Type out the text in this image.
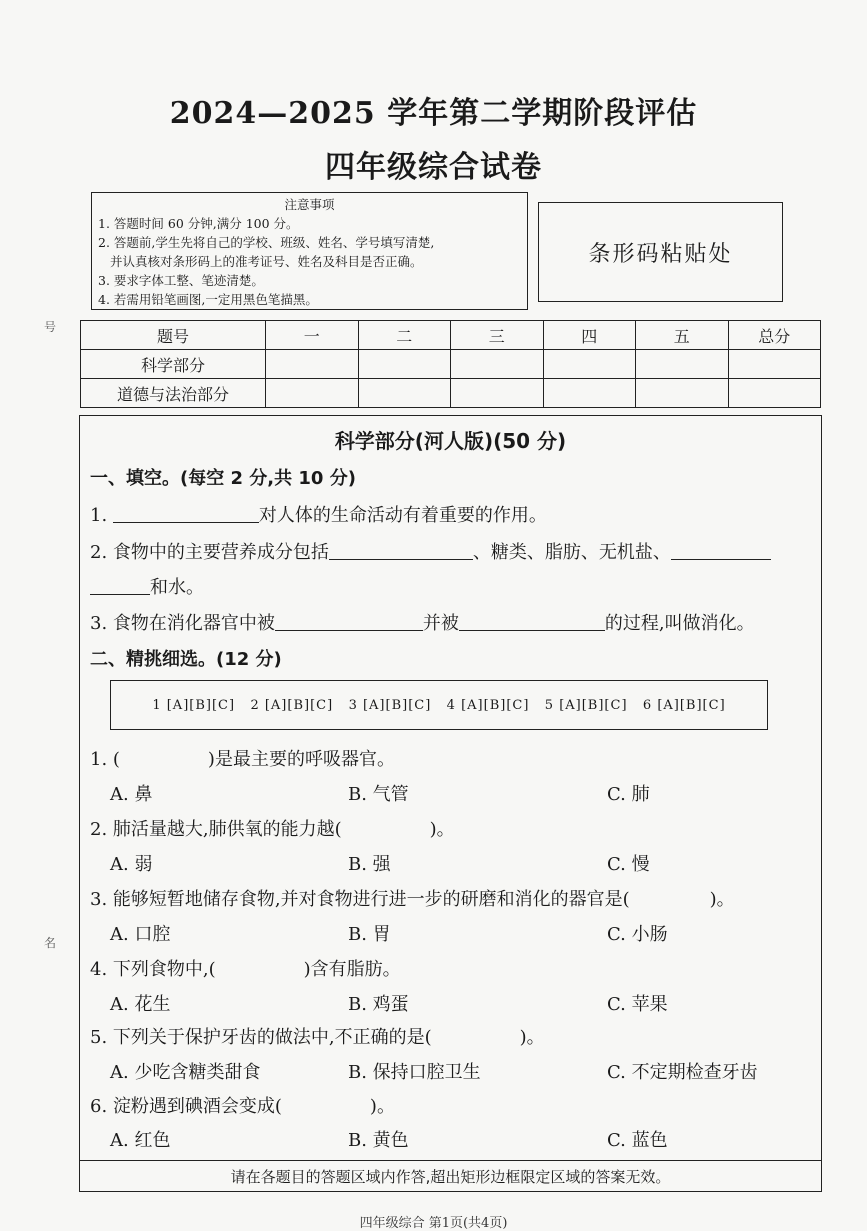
2024—2025 学年第二学期阶段评估
四年级综合试卷
注意事项
1. 答题时间 60 分钟,满分 100 分。
2. 答题前,学生先将自己的学校、班级、姓名、学号填写清楚,
并认真核对条形码上的准考证号、姓名及科目是否正确。
3. 要求字体工整、笔迹清楚。
4. 若需用铅笔画图,一定用黑色笔描黑。
条形码粘贴处
号
名
题号	一	二	三	四	五	总分
科学部分						
道德与法治部分						
科学部分(河人版)(50 分)
一、填空。(每空 2 分,共 10 分)
1.	对人体的生命活动有着重要的作用。
2. 食物中的主要营养成分包括	、糖类、脂肪、无机盐、
和水。
3. 食物在消化器官中被	并被	的过程,叫做消化。
二、精挑细选。(12 分)
1 [A][B][C]   2 [A][B][C]   3 [A][B][C]   4 [A][B][C]   5 [A][B][C]   6 [A][B][C]
1. (	)是最主要的呼吸器官。
A. 鼻	B. 气管	C. 肺
2. 肺活量越大,肺供氧的能力越(	)。
A. 弱	B. 强	C. 慢
3. 能够短暂地储存食物,并对食物进行进一步的研磨和消化的器官是(	)。
A. 口腔	B. 胃	C. 小肠
4. 下列食物中,(	)含有脂肪。
A. 花生	B. 鸡蛋	C. 苹果
5. 下列关于保护牙齿的做法中,不正确的是(	)。
A. 少吃含糖类甜食	B. 保持口腔卫生	C. 不定期检查牙齿
6. 淀粉遇到碘酒会变成(	)。
A. 红色	B. 黄色	C. 蓝色
请在各题目的答题区域内作答,超出矩形边框限定区域的答案无效。
四年级综合 第1页(共4页)
